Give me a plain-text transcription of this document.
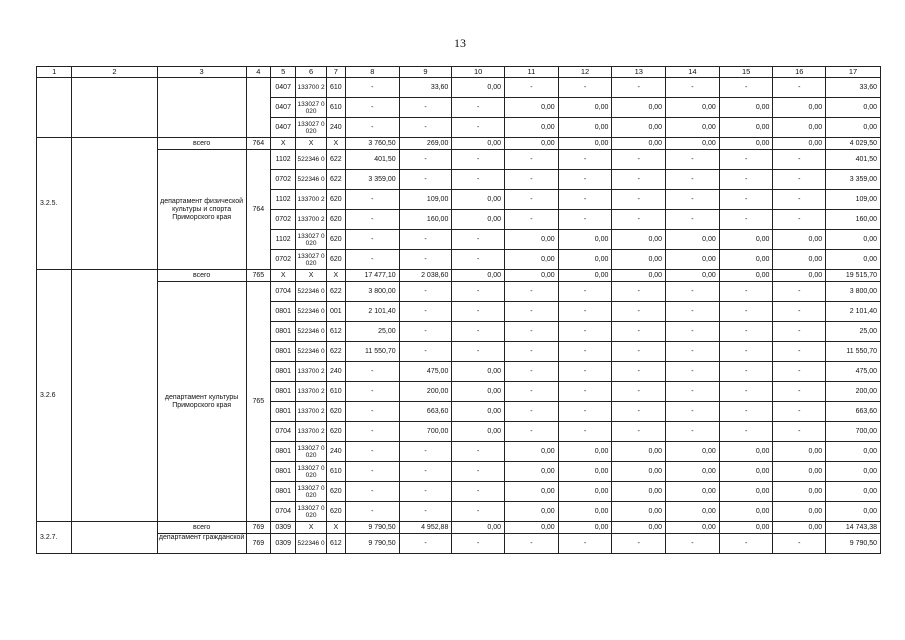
13
1	2	3	4	5	6	7	8	9	10	11	12	13	14	15	16	17
				0407	133700 2	610	-	33,60	0,00	-	-	-	-	-	-	33,60
				0407	133027 0020	610	-	-	-	0,00	0,00	0,00	0,00	0,00	0,00	0,00
				0407	133027 0020	240	-	-	-	0,00	0,00	0,00	0,00	0,00	0,00	0,00
3.2.5.		всего	764	X	X	X	3 760,50	269,00	0,00	0,00	0,00	0,00	0,00	0,00	0,00	4 029,50
		департамент физической культуры и спорта Приморского края	764	1102	522346 0	622	401,50	-	-	-	-	-	-	-	-	401,50
				0702	522346 0	622	3 359,00	-	-	-	-	-	-	-	-	3 359,00
				1102	133700 2	620	-	109,00	0,00	-	-	-	-	-	-	109,00
				0702	133700 2	620	-	160,00	0,00	-	-	-	-	-	-	160,00
				1102	133027 0020	620	-	-	-	0,00	0,00	0,00	0,00	0,00	0,00	0,00
				0702	133027 0020	620	-	-	-	0,00	0,00	0,00	0,00	0,00	0,00	0,00
3.2.6		всего	765	X	X	X	17 477,10	2 038,60	0,00	0,00	0,00	0,00	0,00	0,00	0,00	19 515,70
		департамент культуры Приморского края	765	0704	522346 0	622	3 800,00	-	-	-	-	-	-	-	-	3 800,00
				0801	522346 0	001	2 101,40	-	-	-	-	-	-	-	-	2 101,40
				0801	522346 0	612	25,00	-	-	-	-	-	-	-	-	25,00
				0801	522346 0	622	11 550,70	-	-	-	-	-	-	-	-	11 550,70
				0801	133700 2	240	-	475,00	0,00	-	-	-	-	-	-	475,00
				0801	133700 2	610	-	200,00	0,00	-	-	-	-	-	-	200,00
				0801	133700 2	620	-	663,60	0,00	-	-	-	-	-	-	663,60
				0704	133700 2	620	-	700,00	0,00	-	-	-	-	-	-	700,00
				0801	133027 0020	240	-	-	-	0,00	0,00	0,00	0,00	0,00	0,00	0,00
				0801	133027 0020	610	-	-	-	0,00	0,00	0,00	0,00	0,00	0,00	0,00
				0801	133027 0020	620	-	-	-	0,00	0,00	0,00	0,00	0,00	0,00	0,00
				0704	133027 0020	620	-	-	-	0,00	0,00	0,00	0,00	0,00	0,00	0,00
3.2.7.		всего	769	0309	X	X	9 790,50	4 952,88	0,00	0,00	0,00	0,00	0,00	0,00	0,00	14 743,38
		департамент гражданской	769	0309	522346 0	612	9 790,50	-	-	-	-	-	-	-	-	9 790,50
